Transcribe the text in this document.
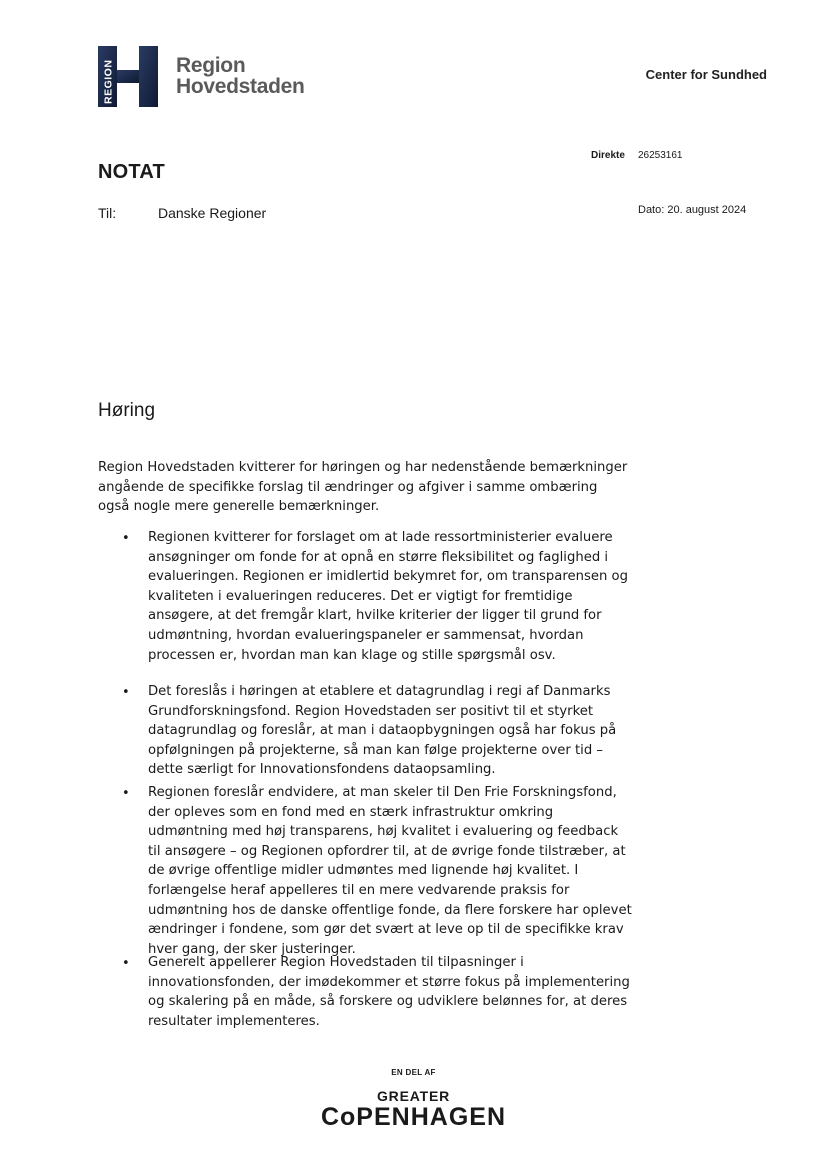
REGION	Region
Hovedstaden
Center for Sundhed
Direkte 26253161
NOTAT
Til:	Danske Regioner	Dato: 20. august 2024
Høring
Region Hovedstaden kvitterer for høringen og har nedenstående bemærkninger angående de specifikke forslag til ændringer og afgiver i samme ombæring også nogle mere generelle bemærkninger.
• Regionen kvitterer for forslaget om at lade ressortministerier evaluere ansøgninger om fonde for at opnå en større fleksibilitet og faglighed i evalueringen. Regionen er imidlertid bekymret for, om transparensen og kvaliteten i evalueringen reduceres. Det er vigtigt for fremtidige ansøgere, at det fremgår klart, hvilke kriterier der ligger til grund for udmøntning, hvordan evalueringspaneler er sammensat, hvordan processen er, hvordan man kan klage og stille spørgsmål osv.
• Det foreslås i høringen at etablere et datagrundlag i regi af Danmarks Grundforskningsfond. Region Hovedstaden ser positivt til et styrket datagrundlag og foreslår, at man i dataopbygningen også har fokus på opfølgningen på projekterne, så man kan følge projekterne over tid – dette særligt for Innovationsfondens dataopsamling.
• Regionen foreslår endvidere, at man skeler til Den Frie Forskningsfond, der opleves som en fond med en stærk infrastruktur omkring udmøntning med høj transparens, høj kvalitet i evaluering og feedback til ansøgere – og Regionen opfordrer til, at de øvrige fonde tilstræber, at de øvrige offentlige midler udmøntes med lignende høj kvalitet. I forlængelse heraf appelleres til en mere vedvarende praksis for udmøntning hos de danske offentlige fonde, da flere forskere har oplevet ændringer i fondene, som gør det svært at leve op til de specifikke krav hver gang, der sker justeringer.
• Generelt appellerer Region Hovedstaden til tilpasninger i innovationsfonden, der imødekommer et større fokus på implementering og skalering på en måde, så forskere og udviklere belønnes for, at deres resultater implementeres.
EN DEL AF
GREATER
CoPENHAGEN
